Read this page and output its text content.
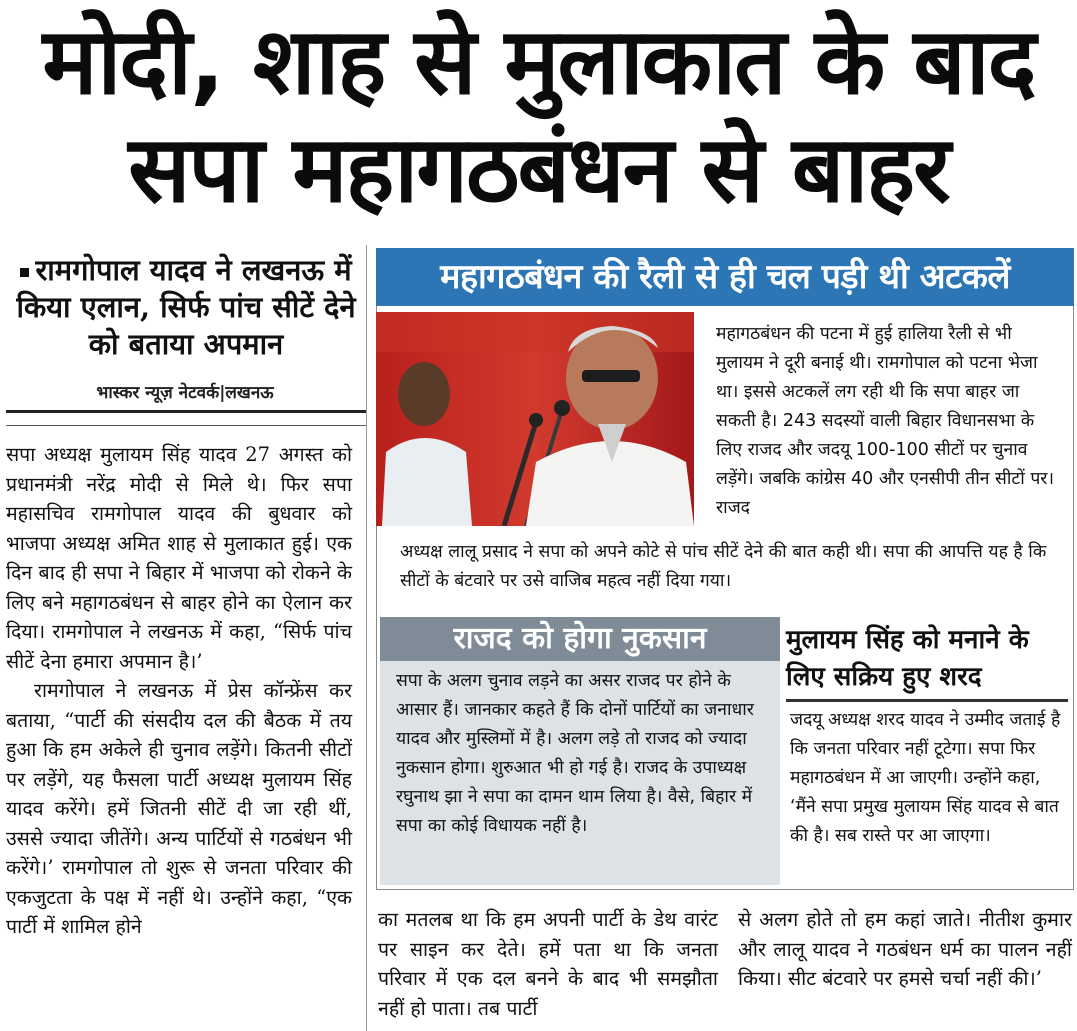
मोदी, शाह से मुलाकात के बाद
सपा महागठबंधन से बाहर
रामगोपाल यादव ने लखनऊ में किया एलान, सिर्फ पांच सीटें देने को बताया अपमान
भास्कर न्यूज़ नेटवर्क|लखनऊ

सपा अध्यक्ष मुलायम सिंह यादव 27 अगस्त को प्रधानमंत्री नरेंद्र मोदी से मिले थे। फिर सपा महासचिव रामगोपाल यादव की बुधवार को भाजपा अध्यक्ष अमित शाह से मुलाकात हुई। एक दिन बाद ही सपा ने बिहार में भाजपा को रोकने के लिए बने महागठबंधन से बाहर होने का ऐलान कर दिया। रामगोपाल ने लखनऊ में कहा, “सिर्फ पांच सीटें देना हमारा अपमान है।’

रामगोपाल ने लखनऊ में प्रेस कॉन्फ्रेंस कर बताया, “पार्टी की संसदीय दल की बैठक में तय हुआ कि हम अकेले ही चुनाव लड़ेंगे। कितनी सीटों पर लड़ेंगे, यह फैसला पार्टी अध्यक्ष मुलायम सिंह यादव करेंगे। हमें जितनी सीटें दी जा रही थीं, उससे ज्यादा जीतेंगे। अन्य पार्टियों से गठबंधन भी करेंगे।’ रामगोपाल तो शुरू से जनता परिवार की एकजुटता के पक्ष में नहीं थे। उन्होंने कहा, “एक पार्टी में शामिल होने

महागठबंधन की रैली से ही चल पड़ी थी अटकलें
महागठबंधन की पटना में हुई हालिया रैली से भी मुलायम ने दूरी बनाई थी। रामगोपाल को पटना भेजा था। इससे अटकलें लग रही थी कि सपा बाहर जा सकती है। 243 सदस्यों वाली बिहार विधानसभा के लिए राजद और जदयू 100-100 सीटों पर चुनाव लड़ेंगे। जबकि कांग्रेस 40 और एनसीपी तीन सीटों पर। राजद
अध्यक्ष लालू प्रसाद ने सपा को अपने कोटे से पांच सीटें देने की बात कही थी। सपा की आपत्ति यह है कि सीटों के बंटवारे पर उसे वाजिब महत्व नहीं दिया गया।
राजद को होगा नुकसान
सपा के अलग चुनाव लड़ने का असर राजद पर होने के आसार हैं। जानकार कहते हैं कि दोनों पार्टियों का जनाधार यादव और मुस्लिमों में है। अलग लड़े तो राजद को ज्यादा नुकसान होगा। शुरुआत भी हो गई है। राजद के उपाध्यक्ष रघुनाथ झा ने सपा का दामन थाम लिया है। वैसे, बिहार में सपा का कोई विधायक नहीं है।
मुलायम सिंह को मनाने के लिए सक्रिय हुए शरद
जदयू अध्यक्ष शरद यादव ने उम्मीद जताई है कि जनता परिवार नहीं टूटेगा। सपा फिर महागठबंधन में आ जाएगी। उन्होंने कहा, ‘मैंने सपा प्रमुख मुलायम सिंह यादव से बात की है। सब रास्ते पर आ जाएगा।
का मतलब था कि हम अपनी पार्टी के डेथ वारंट पर साइन कर देते। हमें पता था कि जनता परिवार में एक दल बनने के बाद भी समझौता नहीं हो पाता। तब पार्टी
से अलग होते तो हम कहां जाते। नीतीश कुमार और लालू यादव ने गठबंधन धर्म का पालन नहीं किया। सीट बंटवारे पर हमसे चर्चा नहीं की।’
